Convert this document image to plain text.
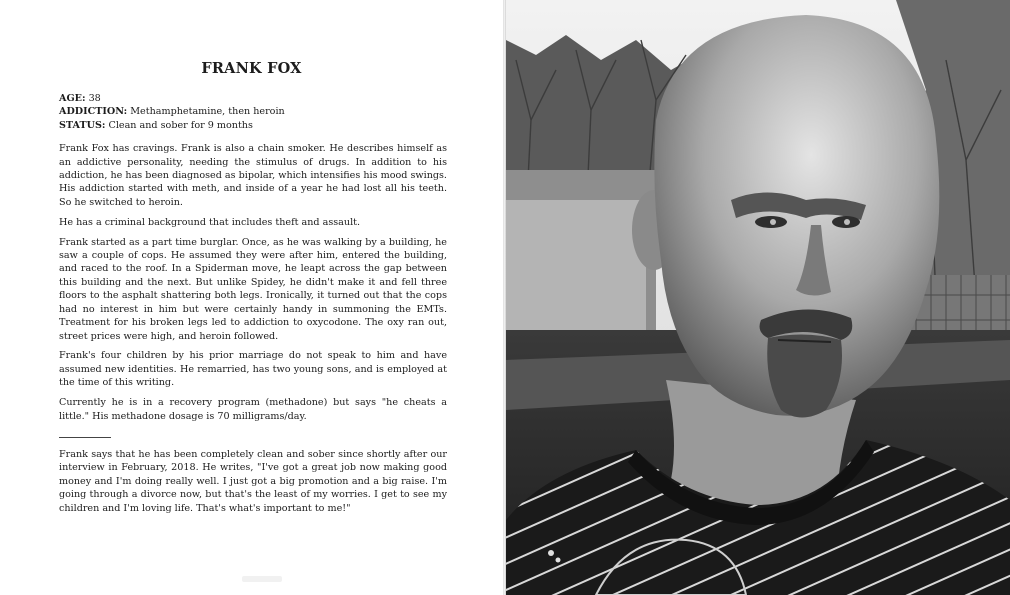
FRANK FOX
AGE: 38
ADDICTION: Methamphetamine, then heroin
STATUS: Clean and sober for 9 months

Frank Fox has cravings. Frank is also a chain smoker. He describes himself as an addictive personality, needing the stimulus of drugs. In addition to his addiction, he has been diagnosed as bipolar, which intensifies his mood swings. His addiction started with meth, and inside of a year he had lost all his teeth. So he switched to heroin.

He has a criminal background that includes theft and assault.

Frank started as a part time burglar. Once, as he was walking by a building, he saw a couple of cops. He assumed they were after him, entered the building, and raced to the roof. In a Spiderman move, he leapt across the gap between this building and the next. But unlike Spidey, he didn't make it and fell three floors to the asphalt shattering both legs. Ironically, it turned out that the cops had no interest in him but were certainly handy in summoning the EMTs. Treatment for his broken legs led to addiction to oxycodone. The oxy ran out, street prices were high, and heroin followed.

Frank's four children by his prior marriage do not speak to him and have assumed new identities. He remarried, has two young sons, and is employed at the time of this writing.

Currently he is in a recovery program (methadone) but says "he cheats a little." His methadone dosage is 70 milligrams/day.

Frank says that he has been completely clean and sober since shortly after our interview in February, 2018. He writes, "I've got a great job now making good money and I'm doing really well. I just got a big promotion and a big raise. I'm going through a divorce now, but that's the least of my worries. I get to see my children and I'm loving life. That's what's important to me!"
